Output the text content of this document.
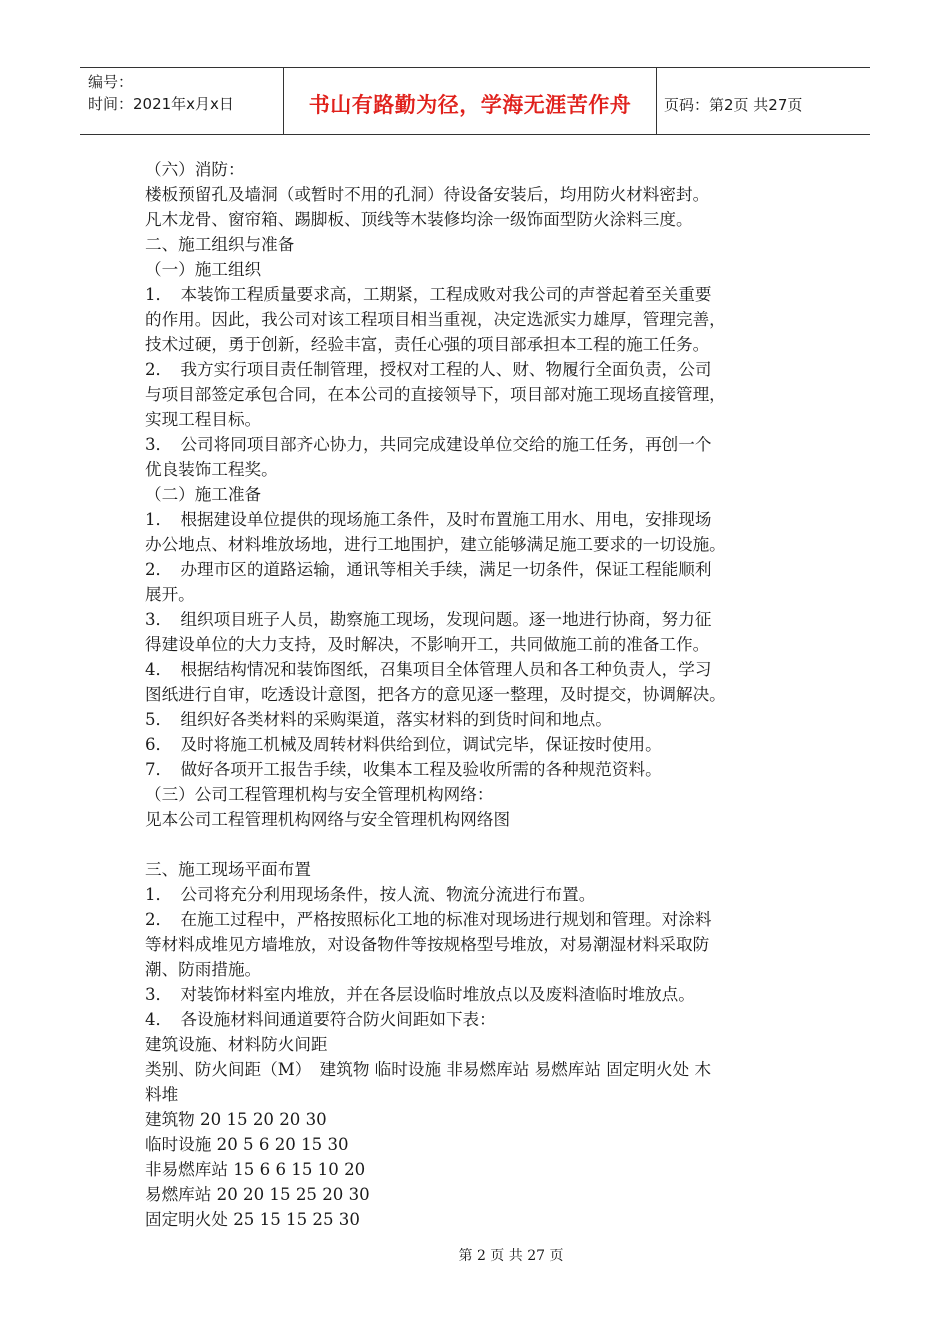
编号：
时间：2021年x月x日	书山有路勤为径，学海无涯苦作舟 页码：第2页 共27页
（六）消防：
楼板预留孔及墙洞（或暂时不用的孔洞）待设备安装后，均用防火材料密封。
凡木龙骨、窗帘箱、踢脚板、顶线等木装修均涂一级饰面型防火涂料三度。
二、施工组织与准备
（一）施工组织
1．　本装饰工程质量要求高，工期紧，工程成败对我公司的声誉起着至关重要
的作用。因此，我公司对该工程项目相当重视，决定选派实力雄厚，管理完善，
技术过硬，勇于创新，经验丰富，责任心强的项目部承担本工程的施工任务。
2．　我方实行项目责任制管理，授权对工程的人、财、物履行全面负责，公司
与项目部签定承包合同，在本公司的直接领导下，项目部对施工现场直接管理，
实现工程目标。
3．　公司将同项目部齐心协力，共同完成建设单位交给的施工任务，再创一个
优良装饰工程奖。
（二）施工准备
1．　根据建设单位提供的现场施工条件，及时布置施工用水、用电，安排现场
办公地点、材料堆放场地，进行工地围护，建立能够满足施工要求的一切设施。
2．　办理市区的道路运输，通讯等相关手续，满足一切条件，保证工程能顺利
展开。
3．　组织项目班子人员，勘察施工现场，发现问题。逐一地进行协商，努力征
得建设单位的大力支持，及时解决，不影响开工，共同做施工前的准备工作。
4．　根据结构情况和装饰图纸，召集项目全体管理人员和各工种负责人，学习
图纸进行自审，吃透设计意图，把各方的意见逐一整理，及时提交，协调解决。
5．　组织好各类材料的采购渠道，落实材料的到货时间和地点。
6．　及时将施工机械及周转材料供给到位，调试完毕，保证按时使用。
7．　做好各项开工报告手续，收集本工程及验收所需的各种规范资料。
（三）公司工程管理机构与安全管理机构网络：
见本公司工程管理机构网络与安全管理机构网络图
三、施工现场平面布置
1．　公司将充分利用现场条件，按人流、物流分流进行布置。
2．　在施工过程中，严格按照标化工地的标准对现场进行规划和管理。对涂料
等材料成堆见方墙堆放，对设备物件等按规格型号堆放，对易潮湿材料采取防
潮、防雨措施。
3．　对装饰材料室内堆放，并在各层设临时堆放点以及废料渣临时堆放点。
4．　各设施材料间通道要符合防火间距如下表：
建筑设施、材料防火间距
类别、防火间距（M）　建筑物 临时设施 非易燃库站 易燃库站 固定明火处 木
料堆
建筑物 20 15 20 20 30
临时设施 20 5 6 20 15 30
非易燃库站 15 6 6 15 10 20
易燃库站 20 20 15 25 20 30
固定明火处 25 15 15 25 30
第 2 页 共 27 页
